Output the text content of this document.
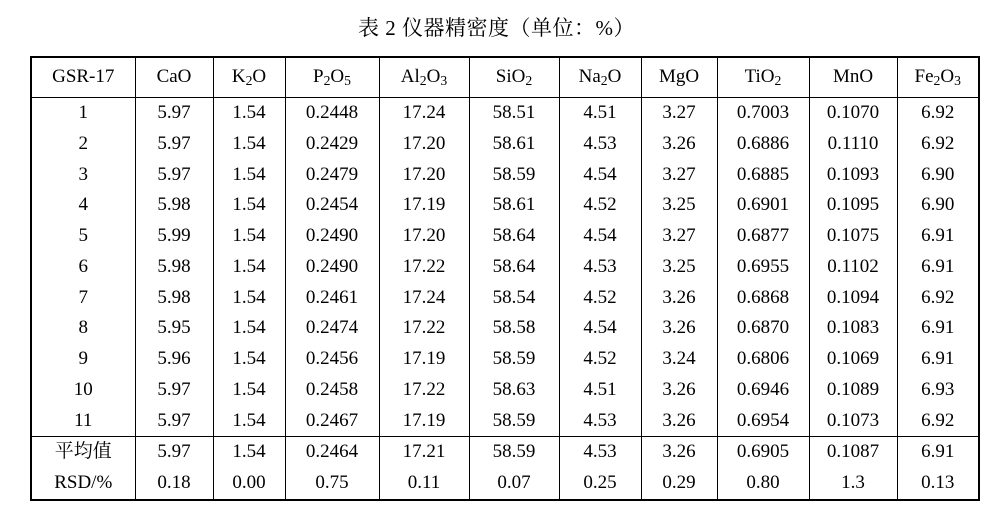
表 2 仪器精密度（单位：%）
GSR-17	CaO	$K_2O$	$P_2O_5$	$Al_2O_3$	SiO$_2$	$Na_2O$	MgO	TiO$_2$	MnO	$Fe_2O_3$
1	5.97	1.54	0.2448	17.24	58.51	4.51	3.27	0.7003	0.1070	6.92
2	5.97	1.54	0.2429	17.20	58.61	4.53	3.26	0.6886	0.1110	6.92
3	5.97	1.54	0.2479	17.20	58.59	4.54	3.27	0.6885	0.1093	6.90
4	5.98	1.54	0.2454	17.19	58.61	4.52	3.25	0.6901	0.1095	6.90
5	5.99	1.54	0.2490	17.20	58.64	4.54	3.27	0.6877	0.1075	6.91
6	5.98	1.54	0.2490	17.22	58.64	4.53	3.25	0.6955	0.1102	6.91
7	5.98	1.54	0.2461	17.24	58.54	4.52	3.26	0.6868	0.1094	6.92
8	5.95	1.54	0.2474	17.22	58.58	4.54	3.26	0.6870	0.1083	6.91
9	5.96	1.54	0.2456	17.19	58.59	4.52	3.24	0.6806	0.1069	6.91
10	5.97	1.54	0.2458	17.22	58.63	4.51	3.26	0.6946	0.1089	6.93
11	5.97	1.54	0.2467	17.19	58.59	4.53	3.26	0.6954	0.1073	6.92
平均值	5.97	1.54	0.2464	17.21	58.59	4.53	3.26	0.6905	0.1087	6.91
RSD/%	0.18	0.00	0.75	0.11	0.07	0.25	0.29	0.80	1.3	0.13
